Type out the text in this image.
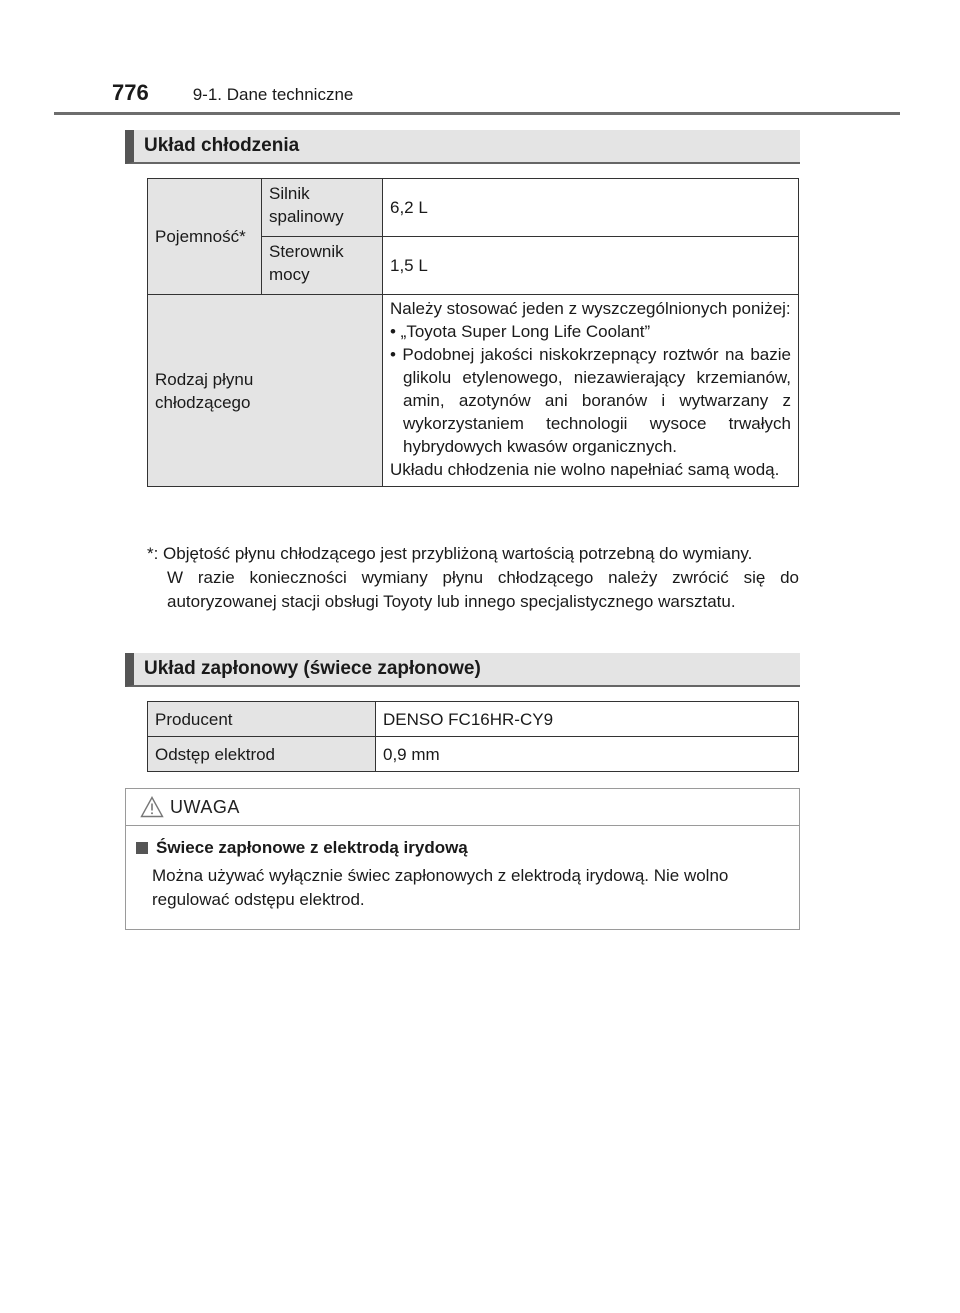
776	9-1. Dane techniczne
Układ chłodzenia
Pojemność*	Silnik spalinowy	6,2 L
	Sterownik mocy	1,5 L

Rodzaj płynu chłodzącego		Należy stosować jeden z wyszczególnionych poniżej:
• „Toyota Super Long Life Coolant”
• Podobnej jakości niskokrzepnący roztwór na bazie glikolu etylenowego, niezawierający krzemianów, amin, azotynów ani boranów i wytwarzany z wykorzystaniem technologii wysoce trwałych hybrydowych kwasów organicznych.
Układu chłodzenia nie wolno napełniać samą wodą.
*: Objętość płynu chłodzącego jest przybliżoną wartością potrzebną do wymiany.
W razie konieczności wymiany płynu chłodzącego należy zwrócić się do autoryzowanej stacji obsługi Toyoty lub innego specjalistycznego warsztatu.
Układ zapłonowy (świece zapłonowe)
Producent	DENSO FC16HR-CY9
Odstęp elektrod	0,9 mm
UWAGA
Świece zapłonowe z elektrodą irydową
Można używać wyłącznie świec zapłonowych z elektrodą irydową. Nie wolno regulować odstępu elektrod.
